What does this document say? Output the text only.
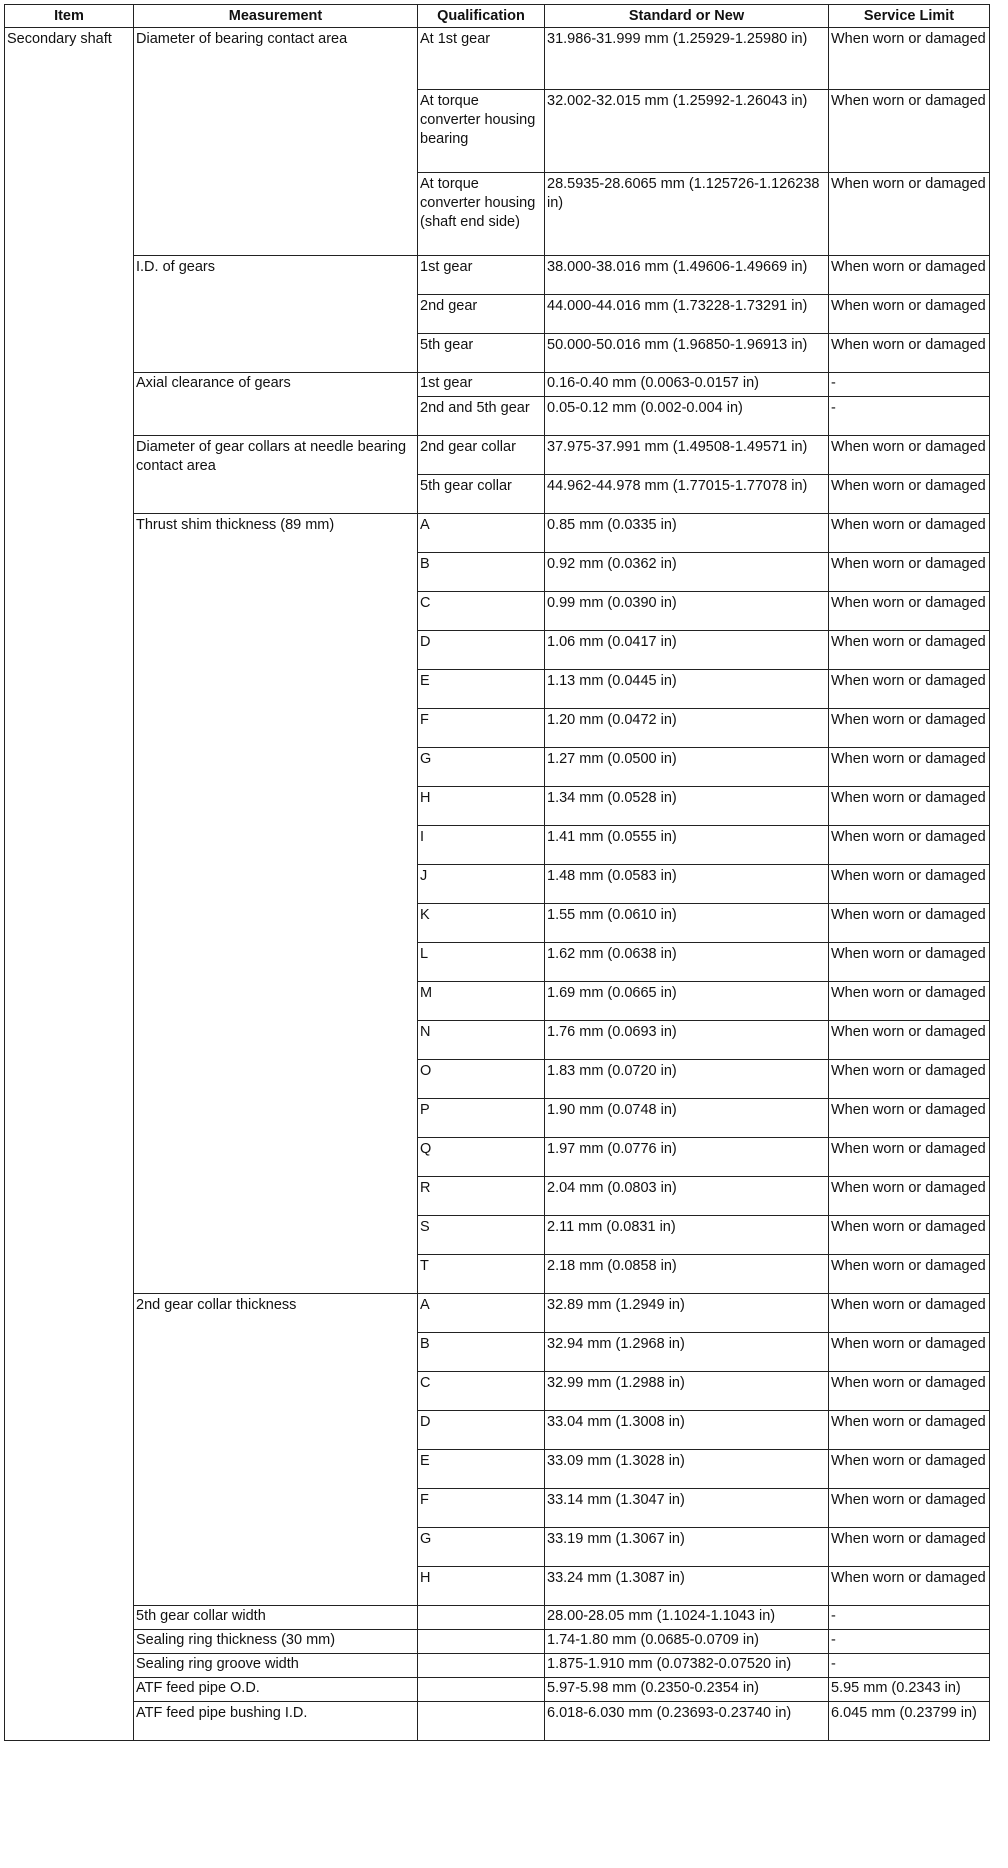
Item	Measurement	Qualification	Standard or New	Service Limit
Secondary shaft	Diameter of bearing contact area	At 1st gear	31.986-31.999 mm (1.25929-1.25980 in)	When worn or damaged
		At torque converter housing bearing	32.002-32.015 mm (1.25992-1.26043 in)	When worn or damaged
		At torque converter housing (shaft end side)	28.5935-28.6065 mm (1.125726-1.126238 in)	When worn or damaged
	I.D. of gears	1st gear	38.000-38.016 mm (1.49606-1.49669 in)	When worn or damaged
		2nd gear	44.000-44.016 mm (1.73228-1.73291 in)	When worn or damaged
		5th gear	50.000-50.016 mm (1.96850-1.96913 in)	When worn or damaged
	Axial clearance of gears	1st gear	0.16-0.40 mm (0.0063-0.0157 in)	-
		2nd and 5th gear	0.05-0.12 mm (0.002-0.004 in)	-
	Diameter of gear collars at needle bearing contact area	2nd gear collar	37.975-37.991 mm (1.49508-1.49571 in)	When worn or damaged
		5th gear collar	44.962-44.978 mm (1.77015-1.77078 in)	When worn or damaged
	Thrust shim thickness (89 mm)	A	0.85 mm (0.0335 in)	When worn or damaged
		B	0.92 mm (0.0362 in)	When worn or damaged
		C	0.99 mm (0.0390 in)	When worn or damaged
		D	1.06 mm (0.0417 in)	When worn or damaged
		E	1.13 mm (0.0445 in)	When worn or damaged
		F	1.20 mm (0.0472 in)	When worn or damaged
		G	1.27 mm (0.0500 in)	When worn or damaged
		H	1.34 mm (0.0528 in)	When worn or damaged
		I	1.41 mm (0.0555 in)	When worn or damaged
		J	1.48 mm (0.0583 in)	When worn or damaged
		K	1.55 mm (0.0610 in)	When worn or damaged
		L	1.62 mm (0.0638 in)	When worn or damaged
		M	1.69 mm (0.0665 in)	When worn or damaged
		N	1.76 mm (0.0693 in)	When worn or damaged
		O	1.83 mm (0.0720 in)	When worn or damaged
		P	1.90 mm (0.0748 in)	When worn or damaged
		Q	1.97 mm (0.0776 in)	When worn or damaged
		R	2.04 mm (0.0803 in)	When worn or damaged
		S	2.11 mm (0.0831 in)	When worn or damaged
		T	2.18 mm (0.0858 in)	When worn or damaged
	2nd gear collar thickness	A	32.89 mm (1.2949 in)	When worn or damaged
		B	32.94 mm (1.2968 in)	When worn or damaged
		C	32.99 mm (1.2988 in)	When worn or damaged
		D	33.04 mm (1.3008 in)	When worn or damaged
		E	33.09 mm (1.3028 in)	When worn or damaged
		F	33.14 mm (1.3047 in)	When worn or damaged
		G	33.19 mm (1.3067 in)	When worn or damaged
		H	33.24 mm (1.3087 in)	When worn or damaged
	5th gear collar width		28.00-28.05 mm (1.1024-1.1043 in)	-
	Sealing ring thickness (30 mm)		1.74-1.80 mm (0.0685-0.0709 in)	-
	Sealing ring groove width		1.875-1.910 mm (0.07382-0.07520 in)	-
	ATF feed pipe O.D.		5.97-5.98 mm (0.2350-0.2354 in)	5.95 mm (0.2343 in)
	ATF feed pipe bushing I.D.		6.018-6.030 mm (0.23693-0.23740 in)	6.045 mm (0.23799 in)
